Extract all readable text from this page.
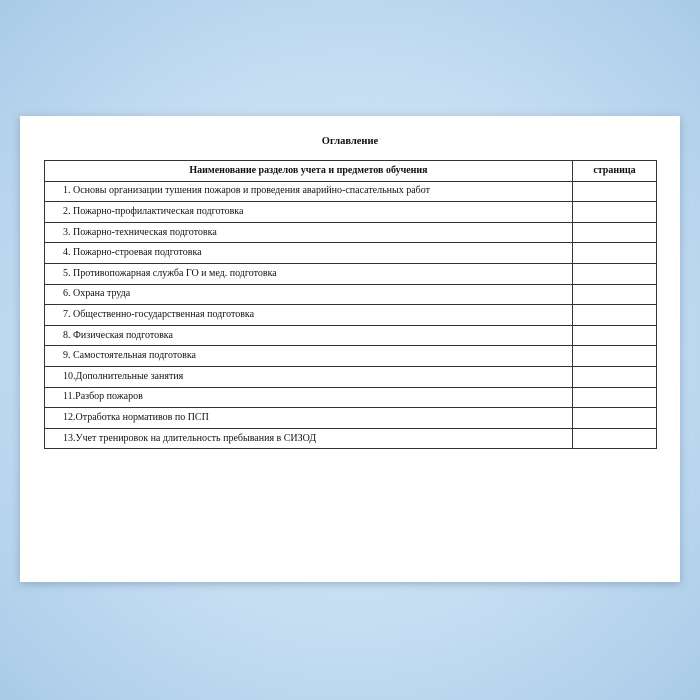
Оглавление
Наименование разделов учета и предметов обучения	страница
1. Основы организации тушения пожаров и проведения аварийно-спасательных работ	
2. Пожарно-профилактическая подготовка	
3. Пожарно-техническая подготовка	
4. Пожарно-строевая подготовка	
5. Противопожарная служба ГО и мед. подготовка	
6. Охрана труда	
7. Общественно-государственная подготовка	
8. Физическая подготовка	
9. Самостоятельная подготовка	
10.Дополнительные занятия	
11.Разбор пожаров	
12.Отработка нормативов по ПСП	
13.Учет тренировок на длительность пребывания в СИЗОД	
